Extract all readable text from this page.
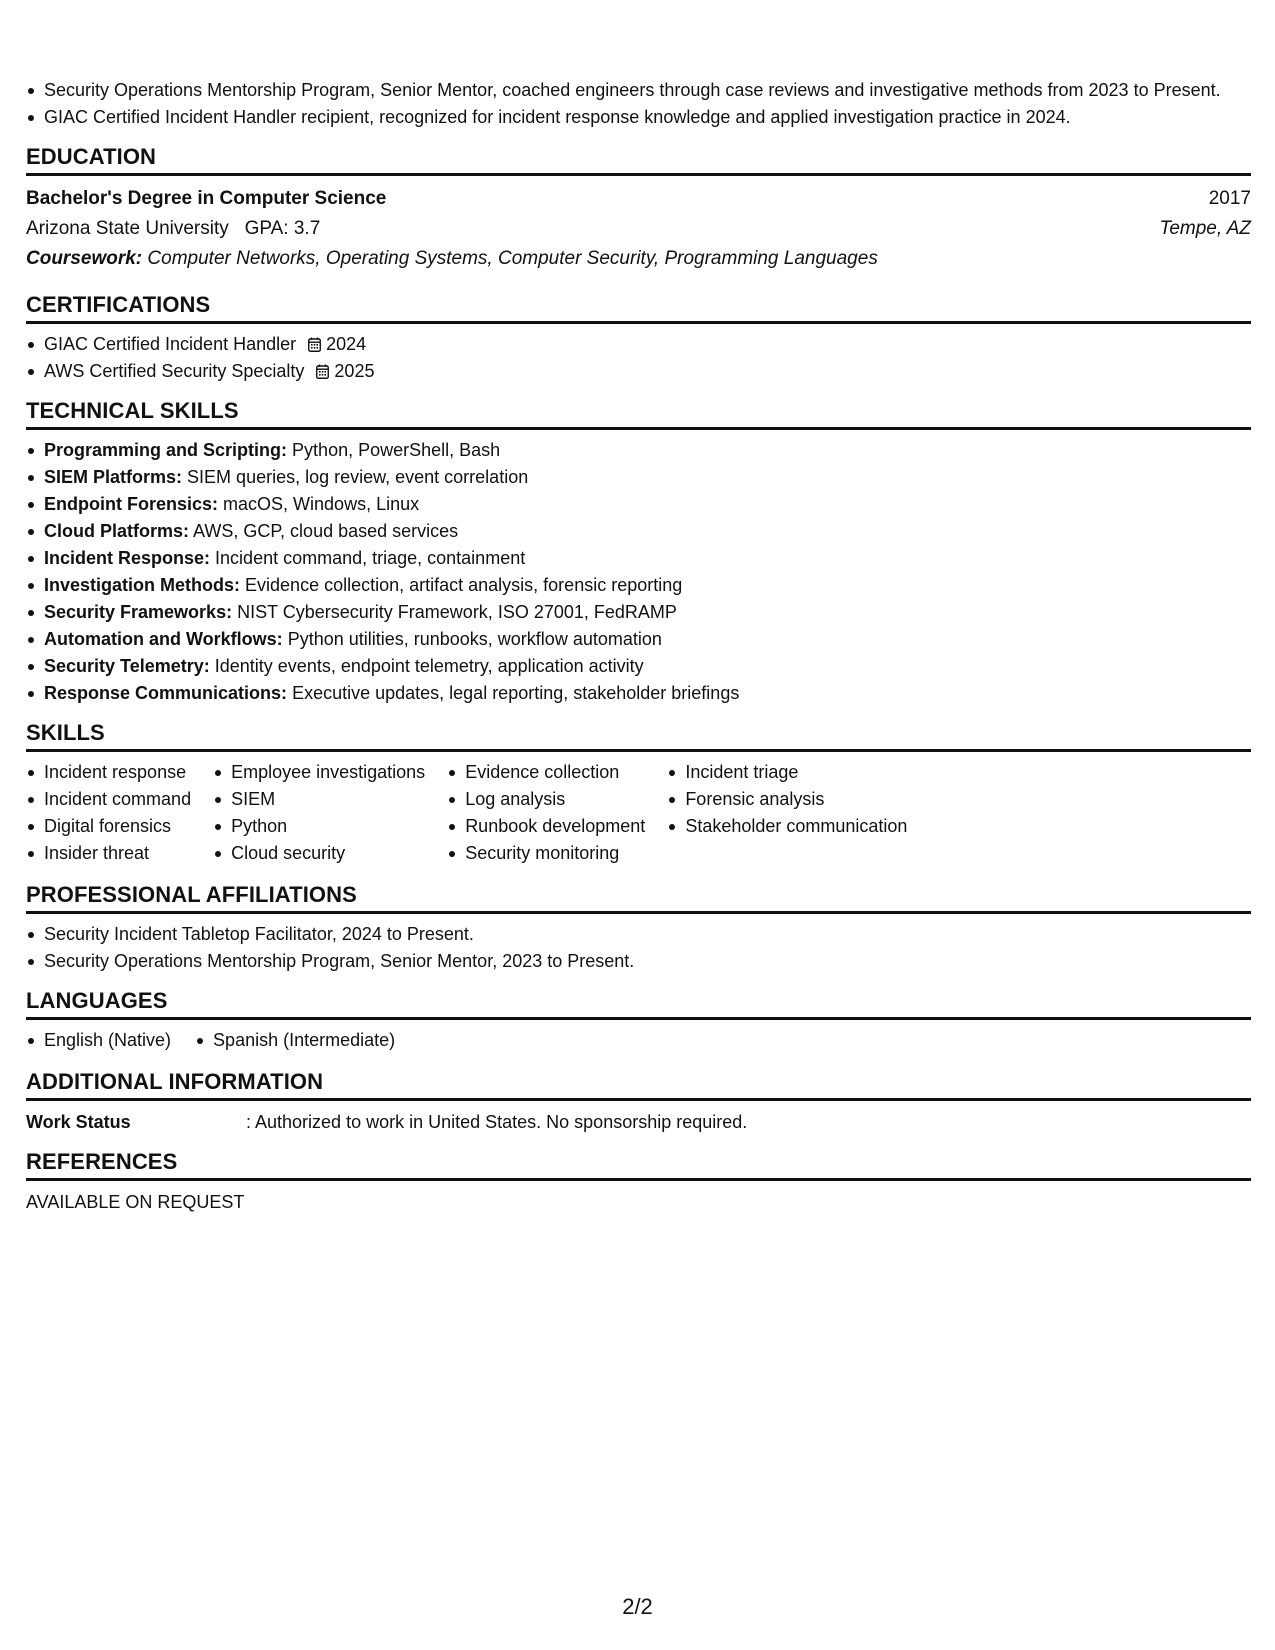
Security Operations Mentorship Program, Senior Mentor, coached engineers through case reviews and investigative methods from 2023 to Present.
GIAC Certified Incident Handler recipient, recognized for incident response knowledge and applied investigation practice in 2024.
EDUCATION
Bachelor's Degree in Computer Science	2017
Arizona State University GPA: 3.7	Tempe, AZ
Coursework: Computer Networks, Operating Systems, Computer Security, Programming Languages
CERTIFICATIONS
GIAC Certified Incident Handler 2024
AWS Certified Security Specialty 2025
TECHNICAL SKILLS
Programming and Scripting: Python, PowerShell, Bash
SIEM Platforms: SIEM queries, log review, event correlation
Endpoint Forensics: macOS, Windows, Linux
Cloud Platforms: AWS, GCP, cloud based services
Incident Response: Incident command, triage, containment
Investigation Methods: Evidence collection, artifact analysis, forensic reporting
Security Frameworks: NIST Cybersecurity Framework, ISO 27001, FedRAMP
Automation and Workflows: Python utilities, runbooks, workflow automation
Security Telemetry: Identity events, endpoint telemetry, application activity
Response Communications: Executive updates, legal reporting, stakeholder briefings
SKILLS
Incident response
Incident command
Digital forensics
Insider threat
Employee investigations
SIEM
Python
Cloud security
Evidence collection
Log analysis
Runbook development
Security monitoring
Incident triage
Forensic analysis
Stakeholder communication
PROFESSIONAL AFFILIATIONS
Security Incident Tabletop Facilitator, 2024 to Present.
Security Operations Mentorship Program, Senior Mentor, 2023 to Present.
LANGUAGES
English (Native)	Spanish (Intermediate)
ADDITIONAL INFORMATION
Work Status	: Authorized to work in United States. No sponsorship required.
REFERENCES
AVAILABLE ON REQUEST
2/2
